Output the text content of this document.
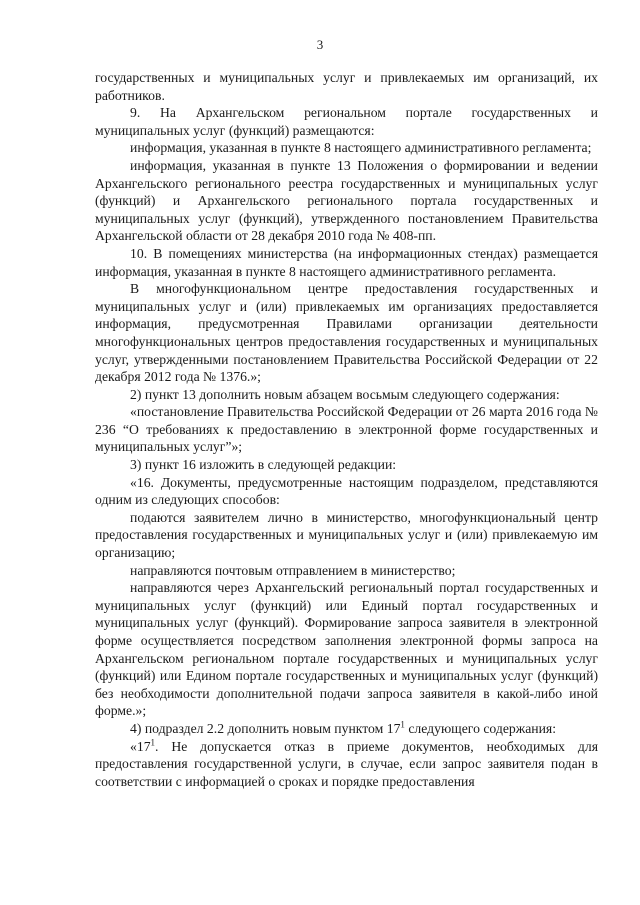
3

государственных и муниципальных услуг и привлекаемых им организаций, их работников.

9. На Архангельском региональном портале государственных и муниципальных услуг (функций) размещаются:

информация, указанная в пункте 8 настоящего административного регламента;

информация, указанная в пункте 13 Положения о формировании и ведении Архангельского регионального реестра государственных и муниципальных услуг (функций) и Архангельского регионального портала государственных и муниципальных услуг (функций), утвержденного постановлением Правительства Архангельской области от 28 декабря 2010 года № 408-пп.

10. В помещениях министерства (на информационных стендах) размещается информация, указанная в пункте 8 настоящего административного регламента.

В многофункциональном центре предоставления государственных и муниципальных услуг и (или) привлекаемых им организациях предоставляется информация, предусмотренная Правилами организации деятельности многофункциональных центров предоставления государственных и муниципальных услуг, утвержденными постановлением Правительства Российской Федерации от 22 декабря 2012 года № 1376.»;

2) пункт 13 дополнить новым абзацем восьмым следующего содержания:

«постановление Правительства Российской Федерации от 26 марта 2016 года № 236 “О требованиях к предоставлению в электронной форме государственных и муниципальных услуг”»;

3) пункт 16 изложить в следующей редакции:

«16. Документы, предусмотренные настоящим подразделом, представляются одним из следующих способов:

подаются заявителем лично в министерство, многофункциональный центр предоставления государственных и муниципальных услуг и (или) привлекаемую им организацию;

направляются почтовым отправлением в министерство;

направляются через Архангельский региональный портал государственных и муниципальных услуг (функций) или Единый портал государственных и муниципальных услуг (функций). Формирование запроса заявителя в электронной форме осуществляется посредством заполнения электронной формы запроса на Архангельском региональном портале государственных и муниципальных услуг (функций) или Едином портале государственных и муниципальных услуг (функций) без необходимости дополнительной подачи запроса заявителя в какой-либо иной форме.»;

4) подраздел 2.2 дополнить новым пунктом $17^1$ следующего содержания:

«$17^1$. Не допускается отказ в приеме документов, необходимых для предоставления государственной услуги, в случае, если запрос заявителя подан в соответствии с информацией о сроках и порядке предоставления
